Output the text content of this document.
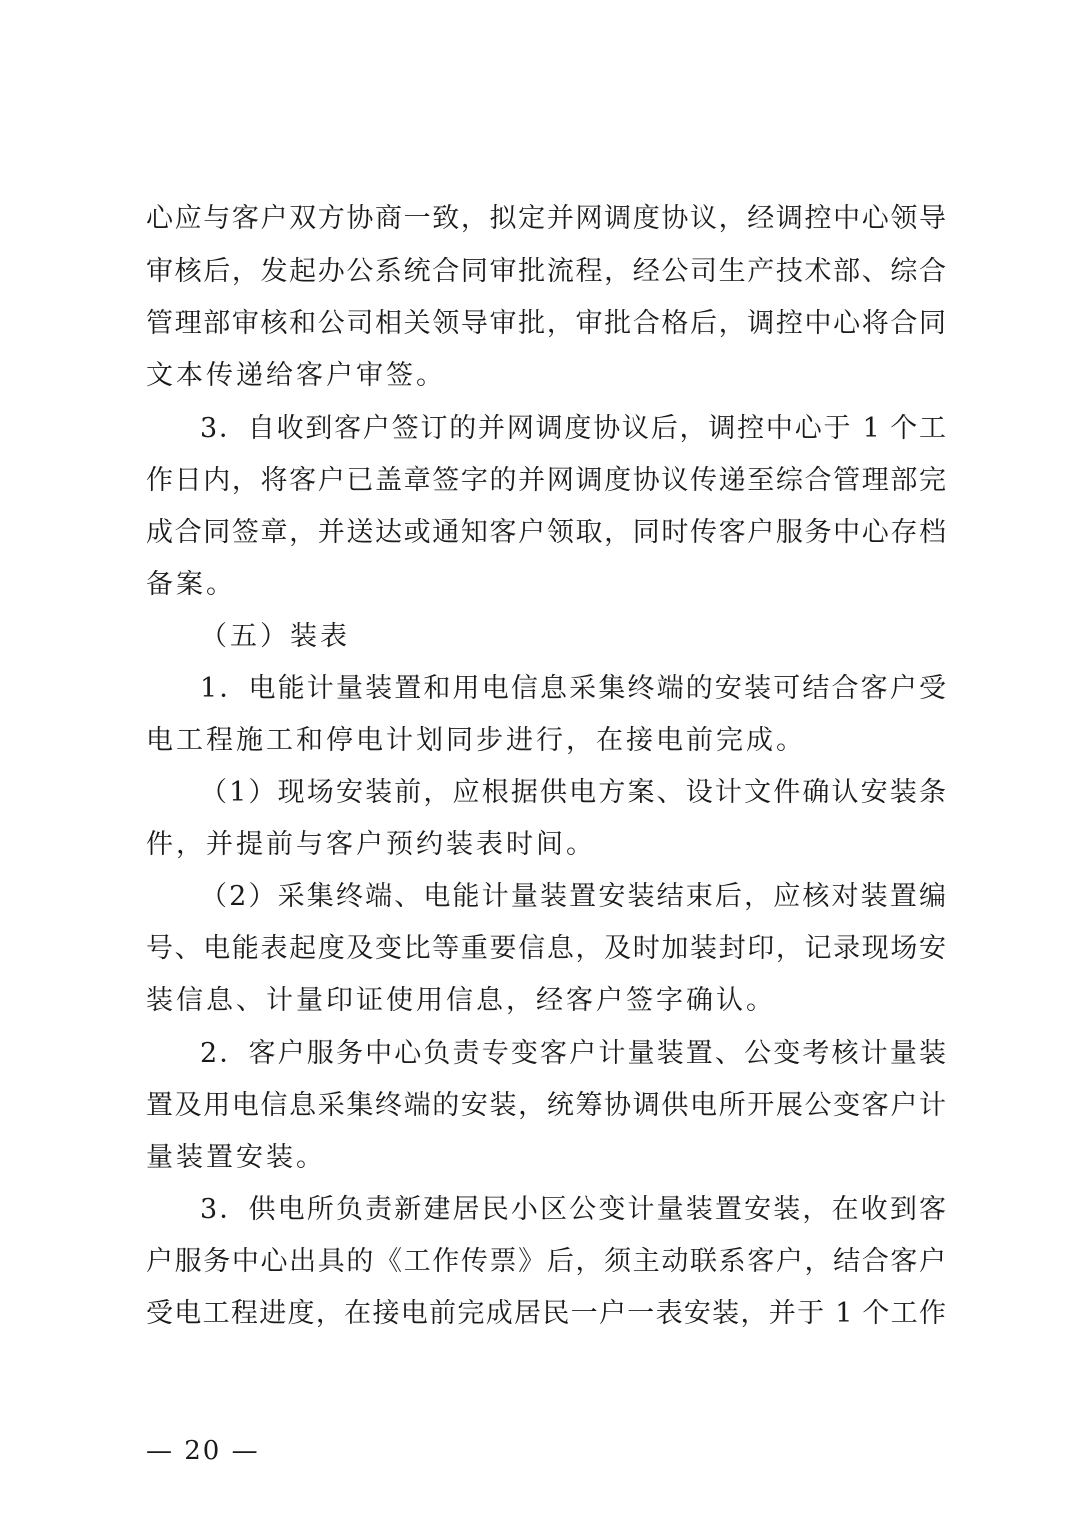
心应与客户双方协商一致，拟定并网调度协议，经调控中心领导
审核后，发起办公系统合同审批流程，经公司生产技术部、综合
管理部审核和公司相关领导审批，审批合格后，调控中心将合同
文本传递给客户审签。
3．自收到客户签订的并网调度协议后，调控中心于 1 个工
作日内，将客户已盖章签字的并网调度协议传递至综合管理部完
成合同签章，并送达或通知客户领取，同时传客户服务中心存档
备案。
（五）装表
1．电能计量装置和用电信息采集终端的安装可结合客户受
电工程施工和停电计划同步进行，在接电前完成。
（1）现场安装前，应根据供电方案、设计文件确认安装条
件，并提前与客户预约装表时间。
（2）采集终端、电能计量装置安装结束后，应核对装置编
号、电能表起度及变比等重要信息，及时加装封印，记录现场安
装信息、计量印证使用信息，经客户签字确认。
2．客户服务中心负责专变客户计量装置、公变考核计量装
置及用电信息采集终端的安装，统筹协调供电所开展公变客户计
量装置安装。
3．供电所负责新建居民小区公变计量装置安装，在收到客
户服务中心出具的《工作传票》后，须主动联系客户，结合客户
受电工程进度，在接电前完成居民一户一表安装，并于 1 个工作
— 20 —
